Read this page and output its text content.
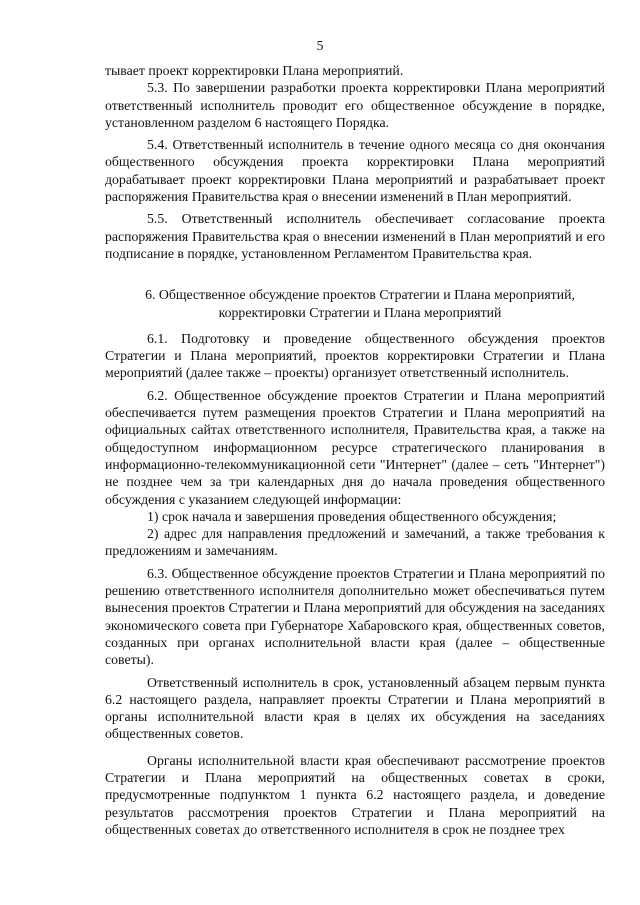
5

тывает проект корректировки Плана мероприятий.

5.3. По завершении разработки проекта корректировки Плана мероприятий ответственный исполнитель проводит его общественное обсуждение в порядке, установленном разделом 6 настоящего Порядка.

5.4. Ответственный исполнитель в течение одного месяца со дня окончания общественного обсуждения проекта корректировки Плана мероприятий дорабатывает проект корректировки Плана мероприятий и разрабатывает проект распоряжения Правительства края о внесении изменений в План мероприятий.

5.5. Ответственный исполнитель обеспечивает согласование проекта распоряжения Правительства края о внесении изменений в План мероприятий и его подписание в порядке, установленном Регламентом Правительства края.

6. Общественное обсуждение проектов Стратегии и Плана мероприятий, корректировки Стратегии и Плана мероприятий

6.1. Подготовку и проведение общественного обсуждения проектов Стратегии и Плана мероприятий, проектов корректировки Стратегии и Плана мероприятий (далее также – проекты) организует ответственный исполнитель.

6.2. Общественное обсуждение проектов Стратегии и Плана мероприятий обеспечивается путем размещения проектов Стратегии и Плана мероприятий на официальных сайтах ответственного исполнителя, Правительства края, а также на общедоступном информационном ресурсе стратегического планирования в информационно-телекоммуникационной сети "Интернет" (далее – сеть "Интернет") не позднее чем за три календарных дня до начала проведения общественного обсуждения с указанием следующей информации:

1) срок начала и завершения проведения общественного обсуждения;

2) адрес для направления предложений и замечаний, а также требования к предложениям и замечаниям.

6.3. Общественное обсуждение проектов Стратегии и Плана мероприятий по решению ответственного исполнителя дополнительно может обеспечиваться путем вынесения проектов Стратегии и Плана мероприятий для обсуждения на заседаниях экономического совета при Губернаторе Хабаровского края, общественных советов, созданных при органах исполнительной власти края (далее – общественные советы).

Ответственный исполнитель в срок, установленный абзацем первым пункта 6.2 настоящего раздела, направляет проекты Стратегии и Плана мероприятий в органы исполнительной власти края в целях их обсуждения на заседаниях общественных советов.

Органы исполнительной власти края обеспечивают рассмотрение проектов Стратегии и Плана мероприятий на общественных советах в сроки, предусмотренные подпунктом 1 пункта 6.2 настоящего раздела, и доведение результатов рассмотрения проектов Стратегии и Плана мероприятий на общественных советах до ответственного исполнителя в срок не позднее трех
